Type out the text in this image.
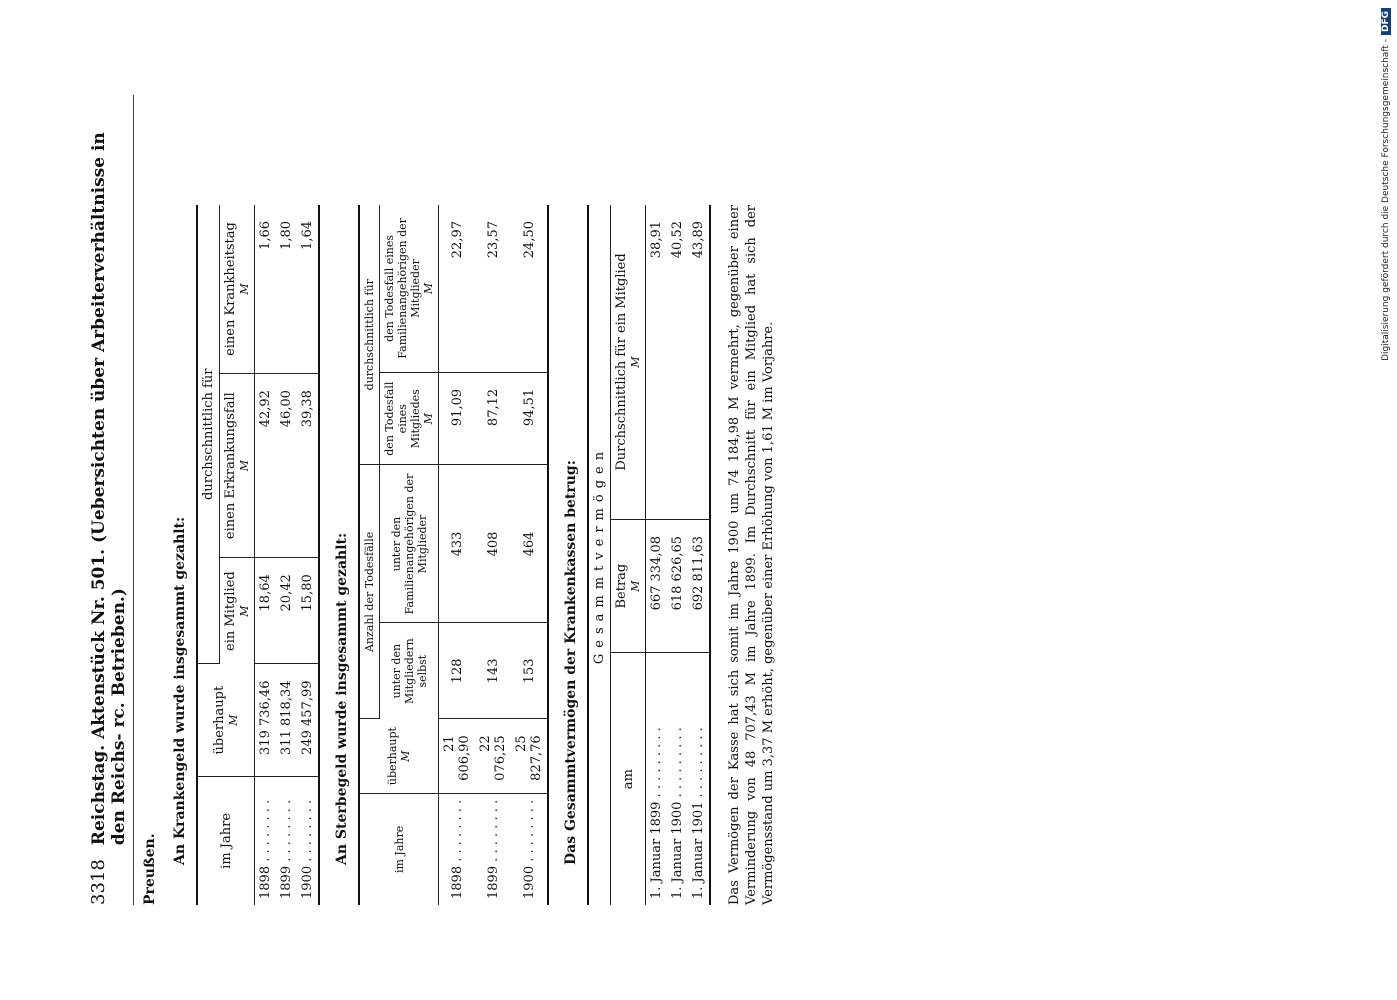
3318
Reichstag. Aktenstück Nr. 501. (Uebersichten über Arbeiterverhältnisse in den Reichs- rc. Betrieben.)
Preußen.
An Krankengeld wurde insgesammt gezahlt: im Jahre	überhaupt M	durchschnittlich für		
		ein Mitglied M	einen Erkrankungsfall M	einen Krankheitstag M

1898 . . . . . . . .	319 736,46	18,64	42,92	1,66
1899 . . . . . . . .	311 818,34	20,42	46,00	1,80
1900 . . . . . . . .	249 457,99	15,80	39,38	1,64
An Sterbegeld wurde insgesammt gezahlt:	im Jahre	überhaupt M	Anzahl der Todesfälle		durchschnittlich für	
		unter den Mitgliedern selbst	unter den Familienangehörigen der Mitglieder	den Todesfall eines Mitgliedes M	den Todesfall eines Familienangehörigen der Mitglieder M

1898 . . . . . . . .	21 606,90	128	433	91,09	22,97
1899 . . . . . . . .	22 076,25	143	408	87,12	23,57
1900 . . . . . . . .	25 827,76	153	464	94,51	24,50
Das Gesammtvermögen der Krankenkassen betrug: Gesammtvermögen		
am	Betrag M	Durchschnittlich für ein Mitglied M

1. Januar 1899 . . . . . . . . .	667 334,08	38,91
1. Januar 1900 . . . . . . . . .	618 626,65	40,52
1. Januar 1901 . . . . . . . . .	692 811,63	43,89 Das Vermögen der Kasse hat sich somit im Jahre 1900 um 74 184,98 M vermehrt, gegenüber einer Verminderung von 48 707,43 M im Jahre 1899. Im Durchschnitt für ein Mitglied hat sich der Vermögensstand um 3,37 M erhöht, gegenüber einer Erhöhung von 1,61 M im Vorjahre.
Digitalisierung gefördert durch die Deutsche Forschungsgemeinschaft -
DFG
